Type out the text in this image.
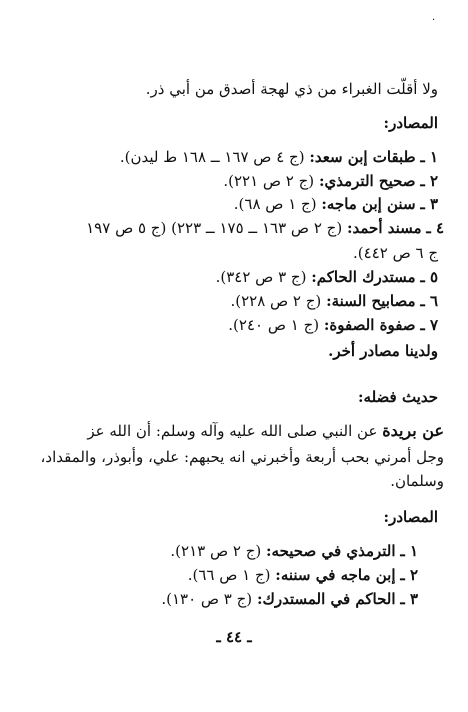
·
ولا أقلّت الغبراء من ذي لهجة أصدق من أبي ذر.
المصادر:
١ ـ طبقات إبن سعد: (ج ٤ ص ١٦٧ ــ ١٦٨ ط ليدن).
٢ ـ صحيح الترمذي: (ج ٢ ص ٢٢١).
٣ ـ سنن إبن ماجه: (ج ١ ص ٦٨).
٤ ـ مسند أحمد: (ج ٢ ص ١٦٣ ــ ١٧٥ ــ ٢٢٣) (ج ٥ ص ١٩٧
ج ٦ ص ٤٤٢).
٥ ـ مستدرك الحاكم: (ج ٣ ص ٣٤٢).
٦ ـ مصابيح السنة: (ج ٢ ص ٢٢٨).
٧ ـ صفوة الصفوة: (ج ١ ص ٢٤٠).
ولدينا مصادر أخر.
حديث فضله:
عن بريدة عن النبي صلى الله عليه وآله وسلم: أن الله عز
وجل أمرني بحب أربعة وأخبرني انه يحبهم: علي، وأبوذر، والمقداد،
وسلمان.
المصادر:
١ ـ الترمذي في صحيحه: (ج ٢ ص ٢١٣).
٢ ـ إبن ماجه في سننه: (ج ١ ص ٦٦).
٣ ـ الحاكم في المستدرك: (ج ٣ ص ١٣٠).
ـ ٤٤ ـ
